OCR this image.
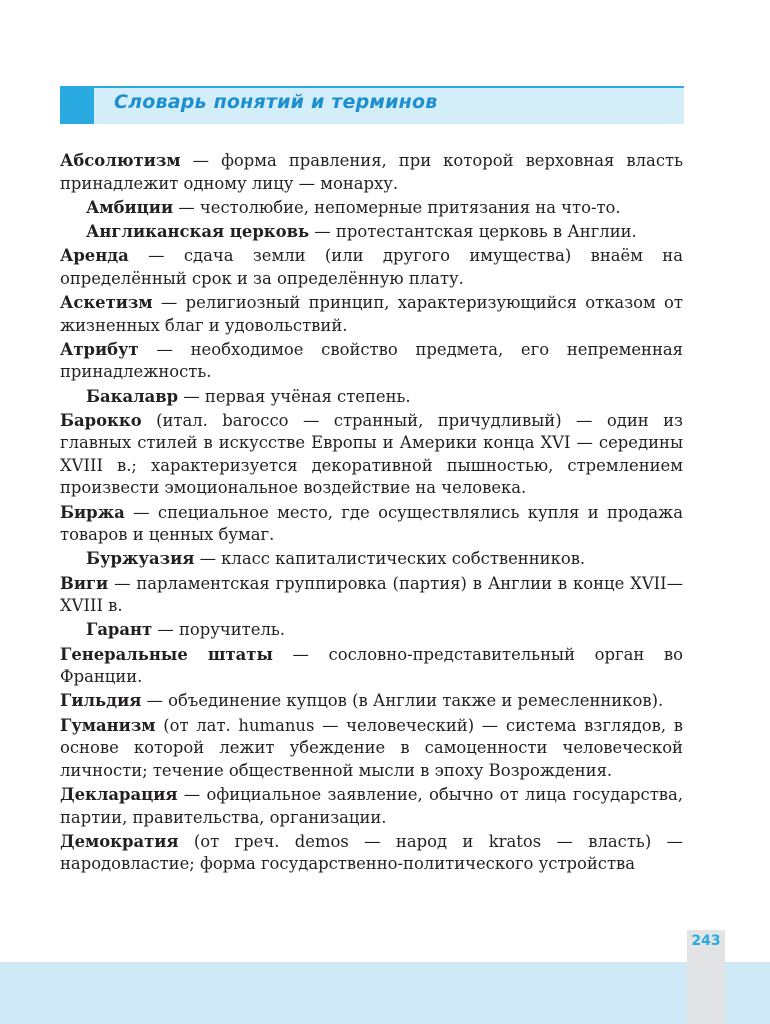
Словарь понятий и терминов

Абсолютизм — форма правления, при которой верховная власть принадлежит одному лицу — монарху.

Амбиции — честолюбие, непомерные притязания на что-то.

Англиканская церковь — протестантская церковь в Англии.

Аренда — сдача земли (или другого имущества) внаём на определённый срок и за определённую плату.

Аскетизм — религиозный принцип, характеризующийся отказом от жизненных благ и удовольствий.

Атрибут — необходимое свойство предмета, его непременная принадлежность.

Бакалавр — первая учёная степень.

Барокко (итал. barocco — странный, причудливый) — один из главных стилей в искусстве Европы и Америки конца XVI — середины XVIII в.; характеризуется декоративной пышностью, стремлением произвести эмоциональное воздействие на человека.

Биржа — специальное место, где осуществлялись купля и продажа товаров и ценных бумаг.

Буржуазия — класс капиталистических собственников.

Виги — парламентская группировка (партия) в Англии в конце XVII—XVIII в.

Гарант — поручитель.

Генеральные штаты — сословно-представительный орган во Франции.

Гильдия — объединение купцов (в Англии также и ремесленников).

Гуманизм (от лат. humanus — человеческий) — система взглядов, в основе которой лежит убеждение в самоценности человеческой личности; течение общественной мысли в эпоху Возрождения.

Декларация — официальное заявление, обычно от лица государства, партии, правительства, организации.

Демократия (от греч. demos — народ и kratos — власть) — народовластие; форма государственно-политического устройства

243
